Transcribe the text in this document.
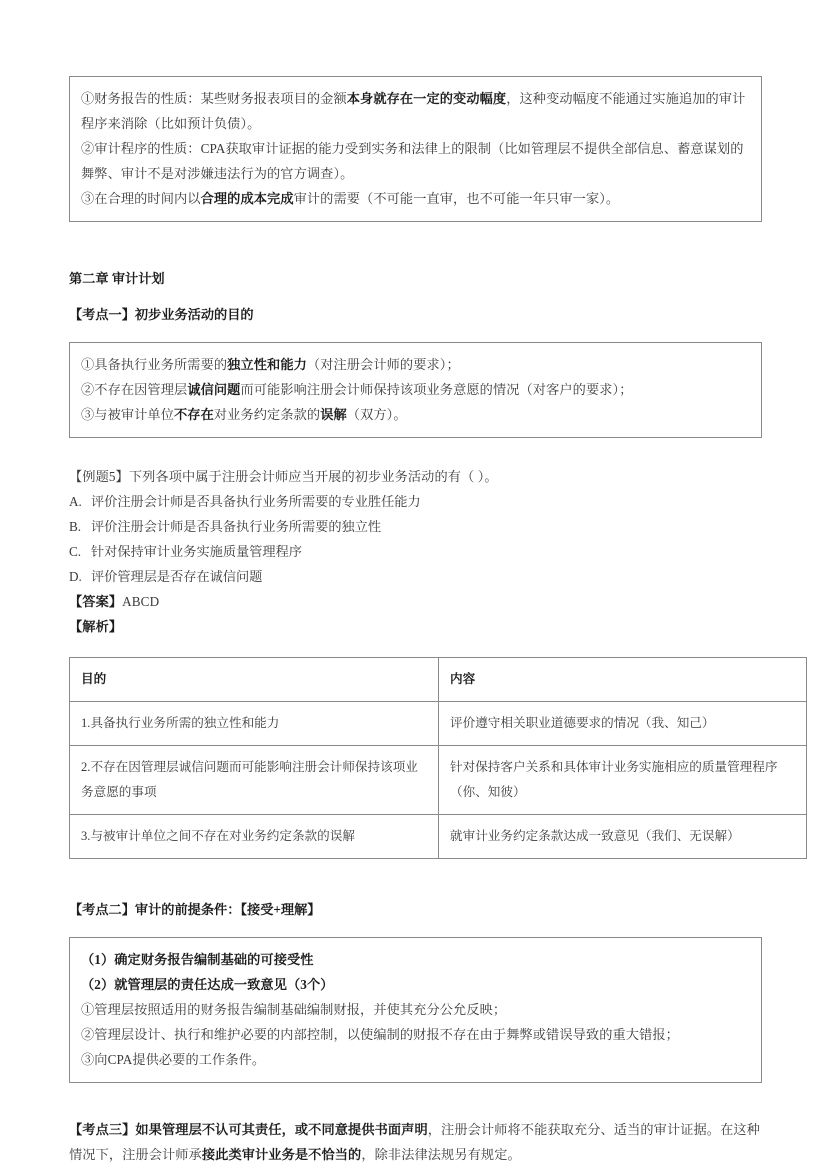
①财务报告的性质：某些财务报表项目的金额本身就存在一定的变动幅度，这种变动幅度不能通过实施追加的审计程序来消除（比如预计负债）。

②审计程序的性质：CPA获取审计证据的能力受到实务和法律上的限制（比如管理层不提供全部信息、蓄意谋划的舞弊、审计不是对涉嫌违法行为的官方调查）。

③在合理的时间内以合理的成本完成审计的需要（不可能一直审，也不可能一年只审一家）。

第二章 审计计划

【考点一】初步业务活动的目的

①具备执行业务所需要的独立性和能力（对注册会计师的要求）；

②不存在因管理层诚信问题而可能影响注册会计师保持该项业务意愿的情况（对客户的要求）；

③与被审计单位不存在对业务约定条款的误解（双方）。

【例题5】下列各项中属于注册会计师应当开展的初步业务活动的有（ ）。

A. 评价注册会计师是否具备执行业务所需要的专业胜任能力

B. 评价注册会计师是否具备执行业务所需要的独立性

C. 针对保持审计业务实施质量管理程序

D. 评价管理层是否存在诚信问题

【答案】ABCD

【解析】

目的	内容
1.具备执行业务所需的独立性和能力	评价遵守相关职业道德要求的情况（我、知己）
2.不存在因管理层诚信问题而可能影响注册会计师保持该项业务意愿的事项	针对保持客户关系和具体审计业务实施相应的质量管理程序（你、知彼）
3.与被审计单位之间不存在对业务约定条款的误解	就审计业务约定条款达成一致意见（我们、无误解）

【考点二】审计的前提条件：【接受+理解】

（1）确定财务报告编制基础的可接受性

（2）就管理层的责任达成一致意见（3个）

①管理层按照适用的财务报告编制基础编制财报，并使其充分公允反映；

②管理层设计、执行和维护必要的内部控制，以使编制的财报不存在由于舞弊或错误导致的重大错报；

③向CPA提供必要的工作条件。

【考点三】如果管理层不认可其责任，或不同意提供书面声明，注册会计师将不能获取充分、适当的审计证据。在这种情况下，注册会计师承接此类审计业务是不恰当的，除非法律法规另有规定。
